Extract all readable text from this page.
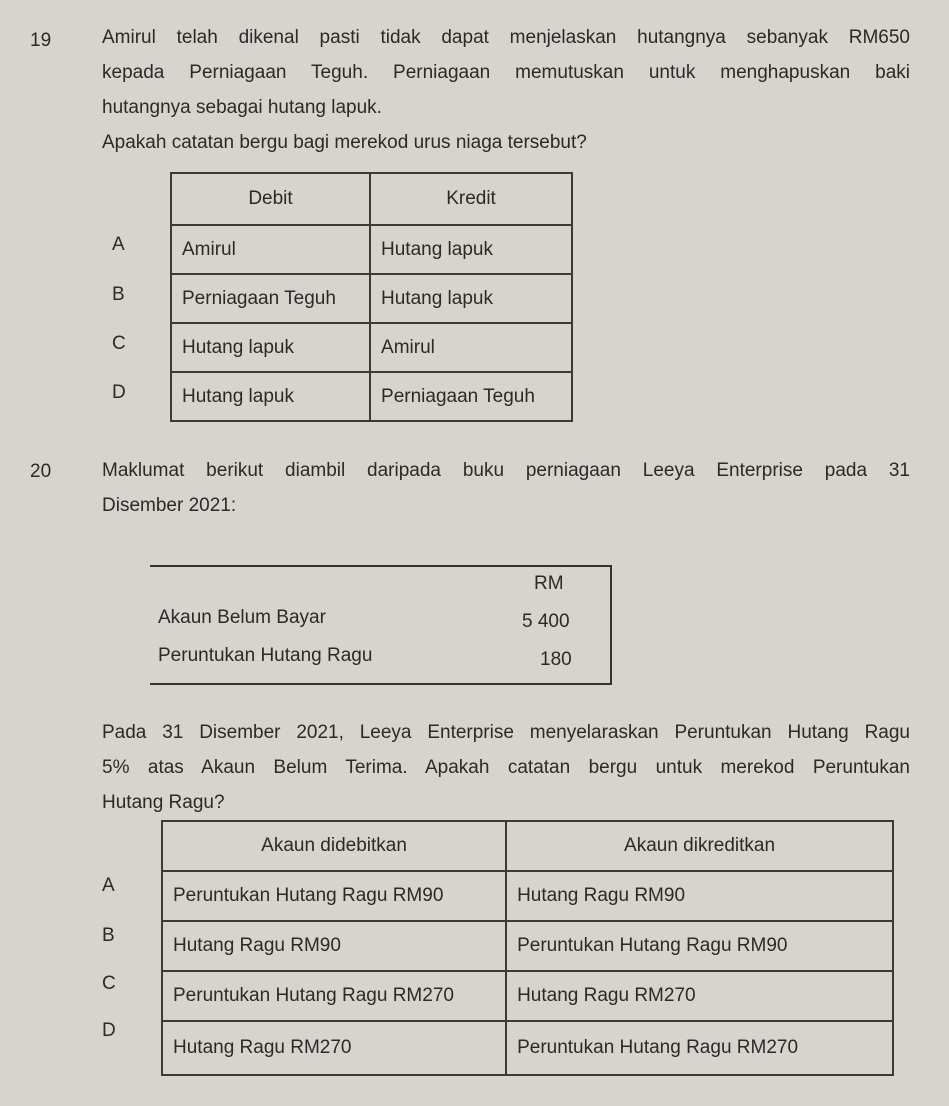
19	Amirul telah dikenal pasti tidak dapat menjelaskan hutangnya sebanyak RM650
kepada Perniagaan Teguh. Perniagaan memutuskan untuk menghapuskan baki
hutangnya sebagai hutang lapuk.
Apakah catatan bergu bagi merekod urus niaga tersebut?
A
B
C
D
Debit	Kredit
Amirul	Hutang lapuk
Perniagaan Teguh	Hutang lapuk
Hutang lapuk	Amirul
Hutang lapuk	Perniagaan Teguh
20	Maklumat berikut diambil daripada buku perniagaan Leeya Enterprise pada 31
Disember 2021:
RM
Akaun Belum Bayar	5 400
Peruntukan Hutang Ragu	180
Pada 31 Disember 2021, Leeya Enterprise menyelaraskan Peruntukan Hutang Ragu
5% atas Akaun Belum Terima. Apakah catatan bergu untuk merekod Peruntukan
Hutang Ragu?
A
B
C
D
Akaun didebitkan	Akaun dikreditkan
Peruntukan Hutang Ragu RM90	Hutang Ragu RM90
Hutang Ragu RM90	Peruntukan Hutang Ragu RM90
Peruntukan Hutang Ragu RM270	Hutang Ragu RM270
Hutang Ragu RM270	Peruntukan Hutang Ragu RM270
